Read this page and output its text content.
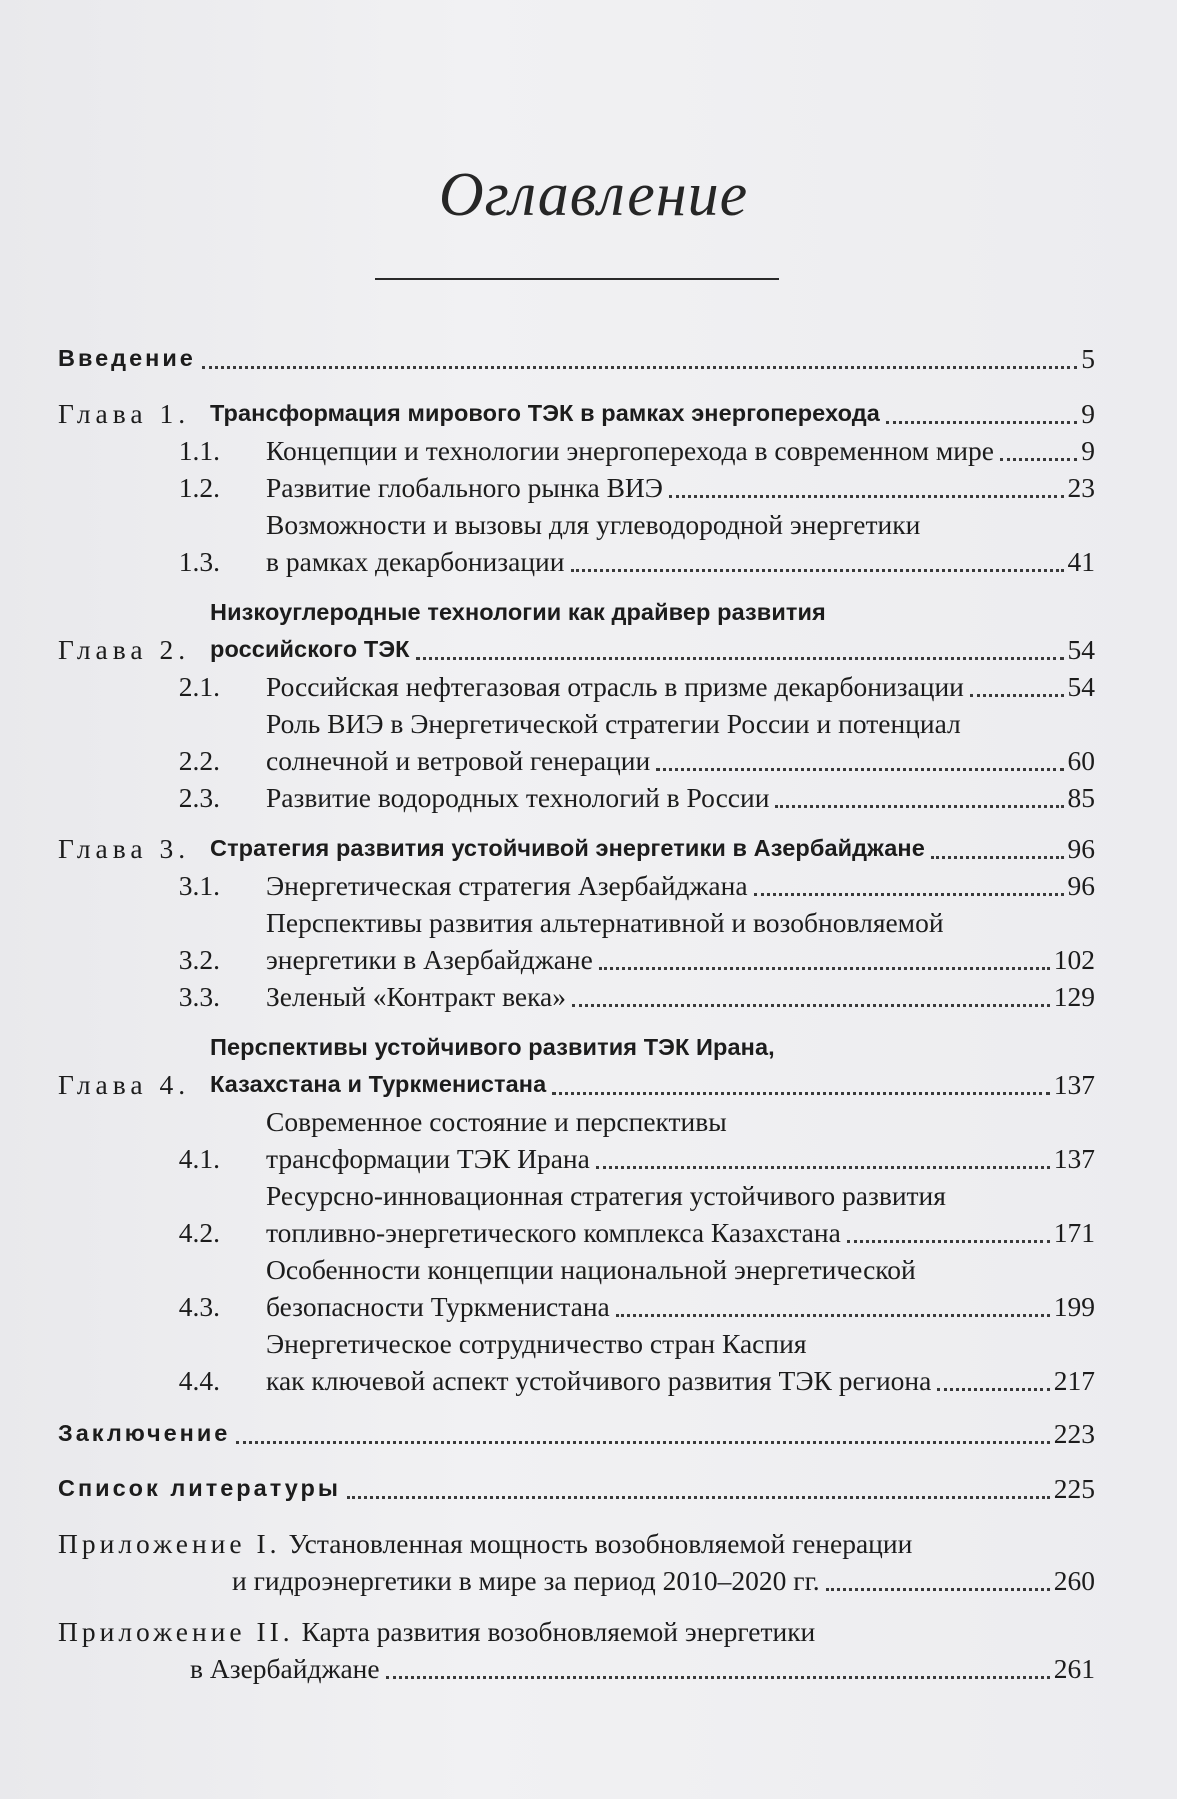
Оглавление
Введение	5
Глава 1. Трансформация мирового ТЭК в рамках энергоперехода	9
1.1. Концепции и технологии энергоперехода в современном мире	9
1.2. Развитие глобального рынка ВИЭ	23
1.3.
Возможности и вызовы для углеводородной энергетики
в рамках декарбонизации	41
Глава 2.
Низкоуглеродные технологии как драйвер развития
российского ТЭК	54
2.1. Российская нефтегазовая отрасль в призме декарбонизации	54
2.2.
Роль ВИЭ в Энергетической стратегии России и потенциал
солнечной и ветровой генерации	60
2.3. Развитие водородных технологий в России	85
Глава 3. Стратегия развития устойчивой энергетики в Азербайджане	96
3.1. Энергетическая стратегия Азербайджана	96
3.2.
Перспективы развития альтернативной и возобновляемой
энергетики в Азербайджане	102
3.3. Зеленый «Контракт века»	129
Глава 4.
Перспективы устойчивого развития ТЭК Ирана,
Казахстана и Туркменистана	137
4.1.
Современное состояние и перспективы
трансформации ТЭК Ирана	137
4.2.
Ресурсно-инновационная стратегия устойчивого развития
топливно-энергетического комплекса Казахстана	171
4.3.
Особенности концепции национальной энергетической
безопасности Туркменистана	199
4.4.
Энергетическое сотрудничество стран Каспия
как ключевой аспект устойчивого развития ТЭК региона	217
Заключение	223
Список литературы	225
Приложение I. Установленная мощность возобновляемой генерации
и гидроэнергетики в мире за период 2010–2020 гг.	260
Приложение II. Карта развития возобновляемой энергетики
в Азербайджане	261
